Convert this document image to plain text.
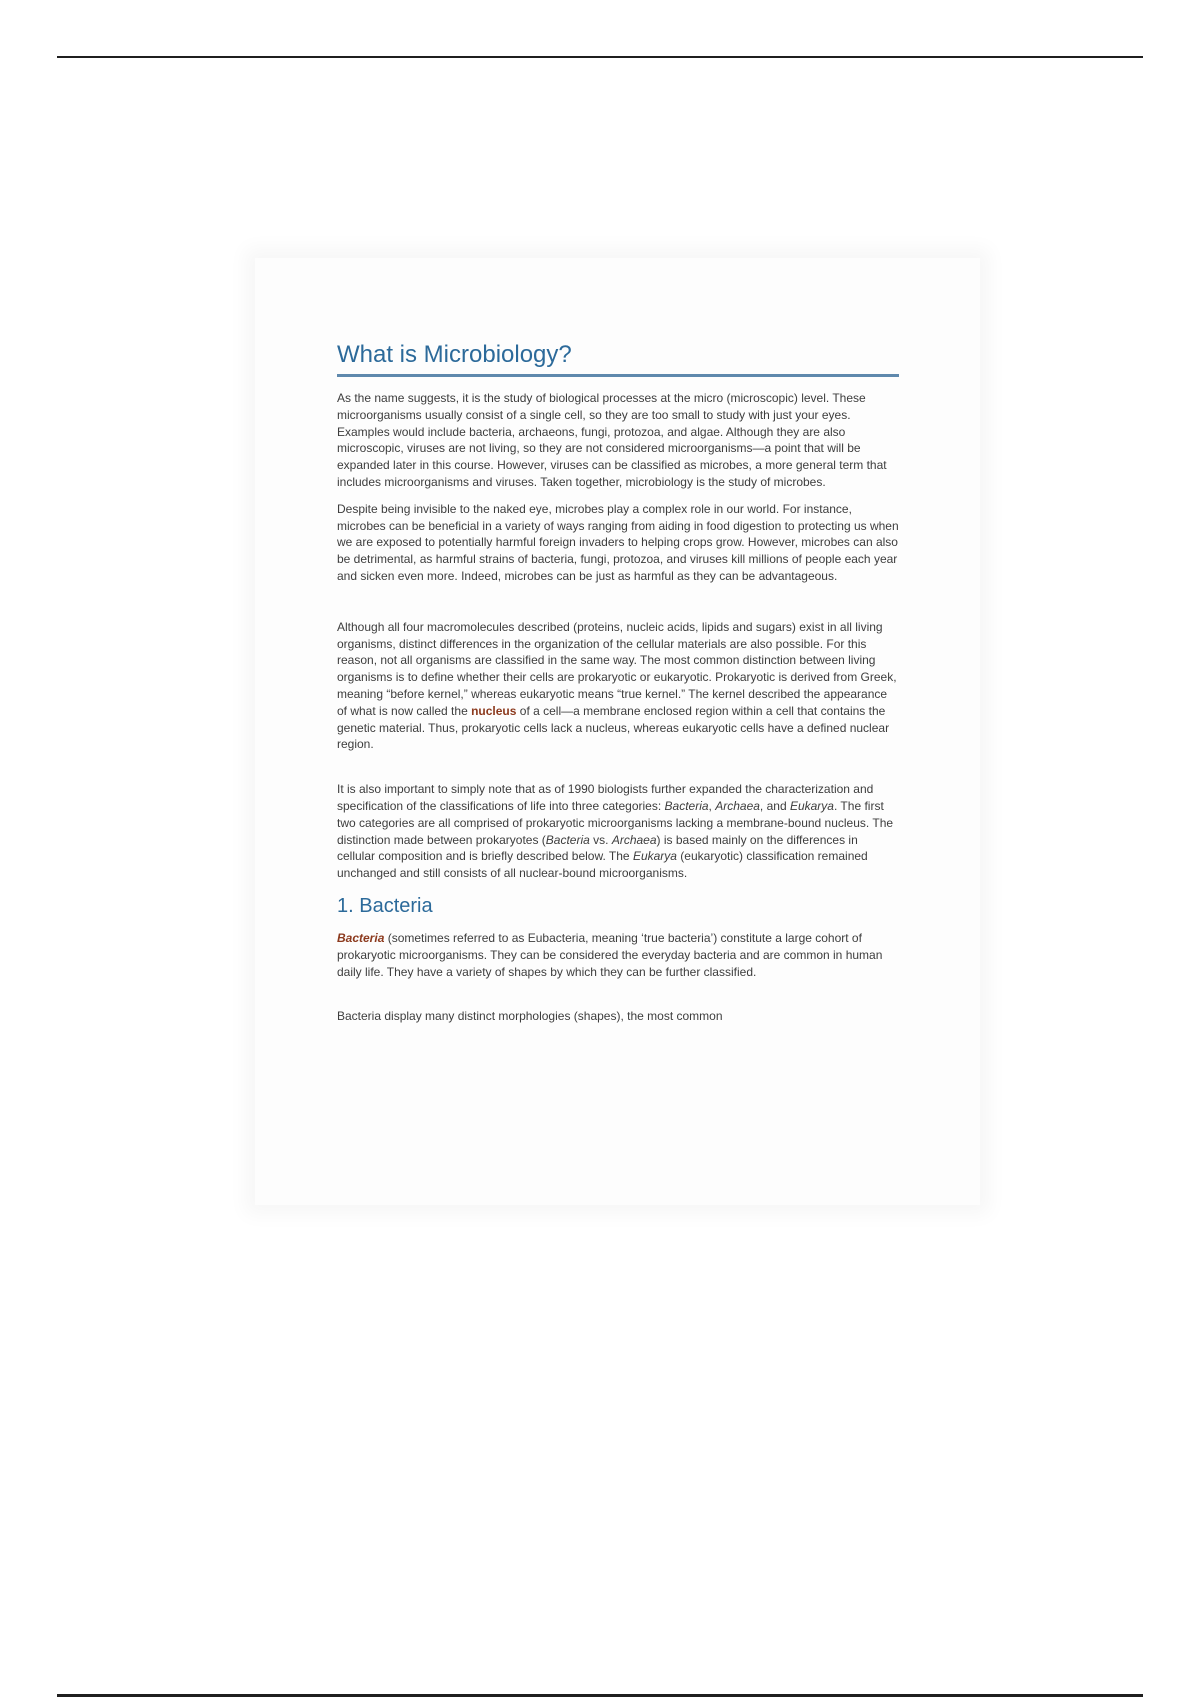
What is Microbiology?

As the name suggests, it is the study of biological processes at the micro (microscopic) level. These microorganisms usually consist of a single cell, so they are too small to study with just your eyes. Examples would include bacteria, archaeons, fungi, protozoa, and algae. Although they are also microscopic, viruses are not living, so they are not considered microorganisms—a point that will be expanded later in this course. However, viruses can be classified as microbes, a more general term that includes microorganisms and viruses. Taken together, microbiology is the study of microbes.

Despite being invisible to the naked eye, microbes play a complex role in our world. For instance, microbes can be beneficial in a variety of ways ranging from aiding in food digestion to protecting us when we are exposed to potentially harmful foreign invaders to helping crops grow. However, microbes can also be detrimental, as harmful strains of bacteria, fungi, protozoa, and viruses kill millions of people each year and sicken even more. Indeed, microbes can be just as harmful as they can be advantageous.

Although all four macromolecules described (proteins, nucleic acids, lipids and sugars) exist in all living organisms, distinct differences in the organization of the cellular materials are also possible. For this reason, not all organisms are classified in the same way. The most common distinction between living organisms is to define whether their cells are prokaryotic or eukaryotic. Prokaryotic is derived from Greek, meaning “before kernel,” whereas eukaryotic means “true kernel.” The kernel described the appearance of what is now called the nucleus of a cell—a membrane enclosed region within a cell that contains the genetic material. Thus, prokaryotic cells lack a nucleus, whereas eukaryotic cells have a defined nuclear region.

It is also important to simply note that as of 1990 biologists further expanded the characterization and specification of the classifications of life into three categories: Bacteria, Archaea, and Eukarya. The first two categories are all comprised of prokaryotic microorganisms lacking a membrane-bound nucleus. The distinction made between prokaryotes (Bacteria vs. Archaea) is based mainly on the differences in cellular composition and is briefly described below. The Eukarya (eukaryotic) classification remained unchanged and still consists of all nuclear-bound microorganisms.

1. Bacteria

Bacteria (sometimes referred to as Eubacteria, meaning ‘true bacteria’) constitute a large cohort of prokaryotic microorganisms. They can be considered the everyday bacteria and are common in human daily life. They have a variety of shapes by which they can be further classified.

Bacteria display many distinct morphologies (shapes), the most common
